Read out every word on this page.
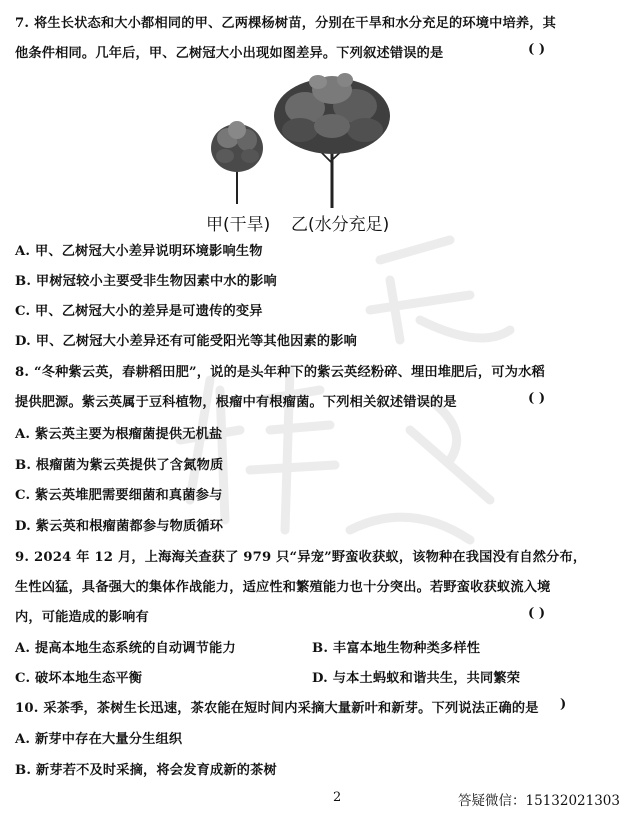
7. 将生长状态和大小都相同的甲、乙两棵杨树苗，分别在干旱和水分充足的环境中培养，其
他条件相同。几年后，甲、乙树冠大小出现如图差异。下列叙述错误的是	( )
甲(干旱) 乙(水分充足)
A. 甲、乙树冠大小差异说明环境影响生物
B. 甲树冠较小主要受非生物因素中水的影响
C. 甲、乙树冠大小的差异是可遗传的变异
D. 甲、乙树冠大小差异还有可能受阳光等其他因素的影响
8. “冬种紫云英，春耕稻田肥”，说的是头年种下的紫云英经粉碎、埋田堆肥后，可为水稻
提供肥源。紫云英属于豆科植物，根瘤中有根瘤菌。下列相关叙述错误的是	( )
A. 紫云英主要为根瘤菌提供无机盐
B. 根瘤菌为紫云英提供了含氮物质
C. 紫云英堆肥需要细菌和真菌参与
D. 紫云英和根瘤菌都参与物质循环
9. 2024 年 12 月，上海海关查获了 979 只“异宠”野蛮收获蚁，该物种在我国没有自然分布，
生性凶猛，具备强大的集体作战能力，适应性和繁殖能力也十分突出。若野蛮收获蚁流入境
内，可能造成的影响有	( )
A. 提高本地生态系统的自动调节能力	B. 丰富本地生物种类多样性
C. 破坏本地生态平衡	D. 与本土蚂蚁和谐共生，共同繁荣
10. 采茶季，茶树生长迅速，茶农能在短时间内采摘大量新叶和新芽。下列说法正确的是 )
A. 新芽中存在大量分生组织
B. 新芽若不及时采摘，将会发育成新的茶树
2	答疑微信：15132021303
